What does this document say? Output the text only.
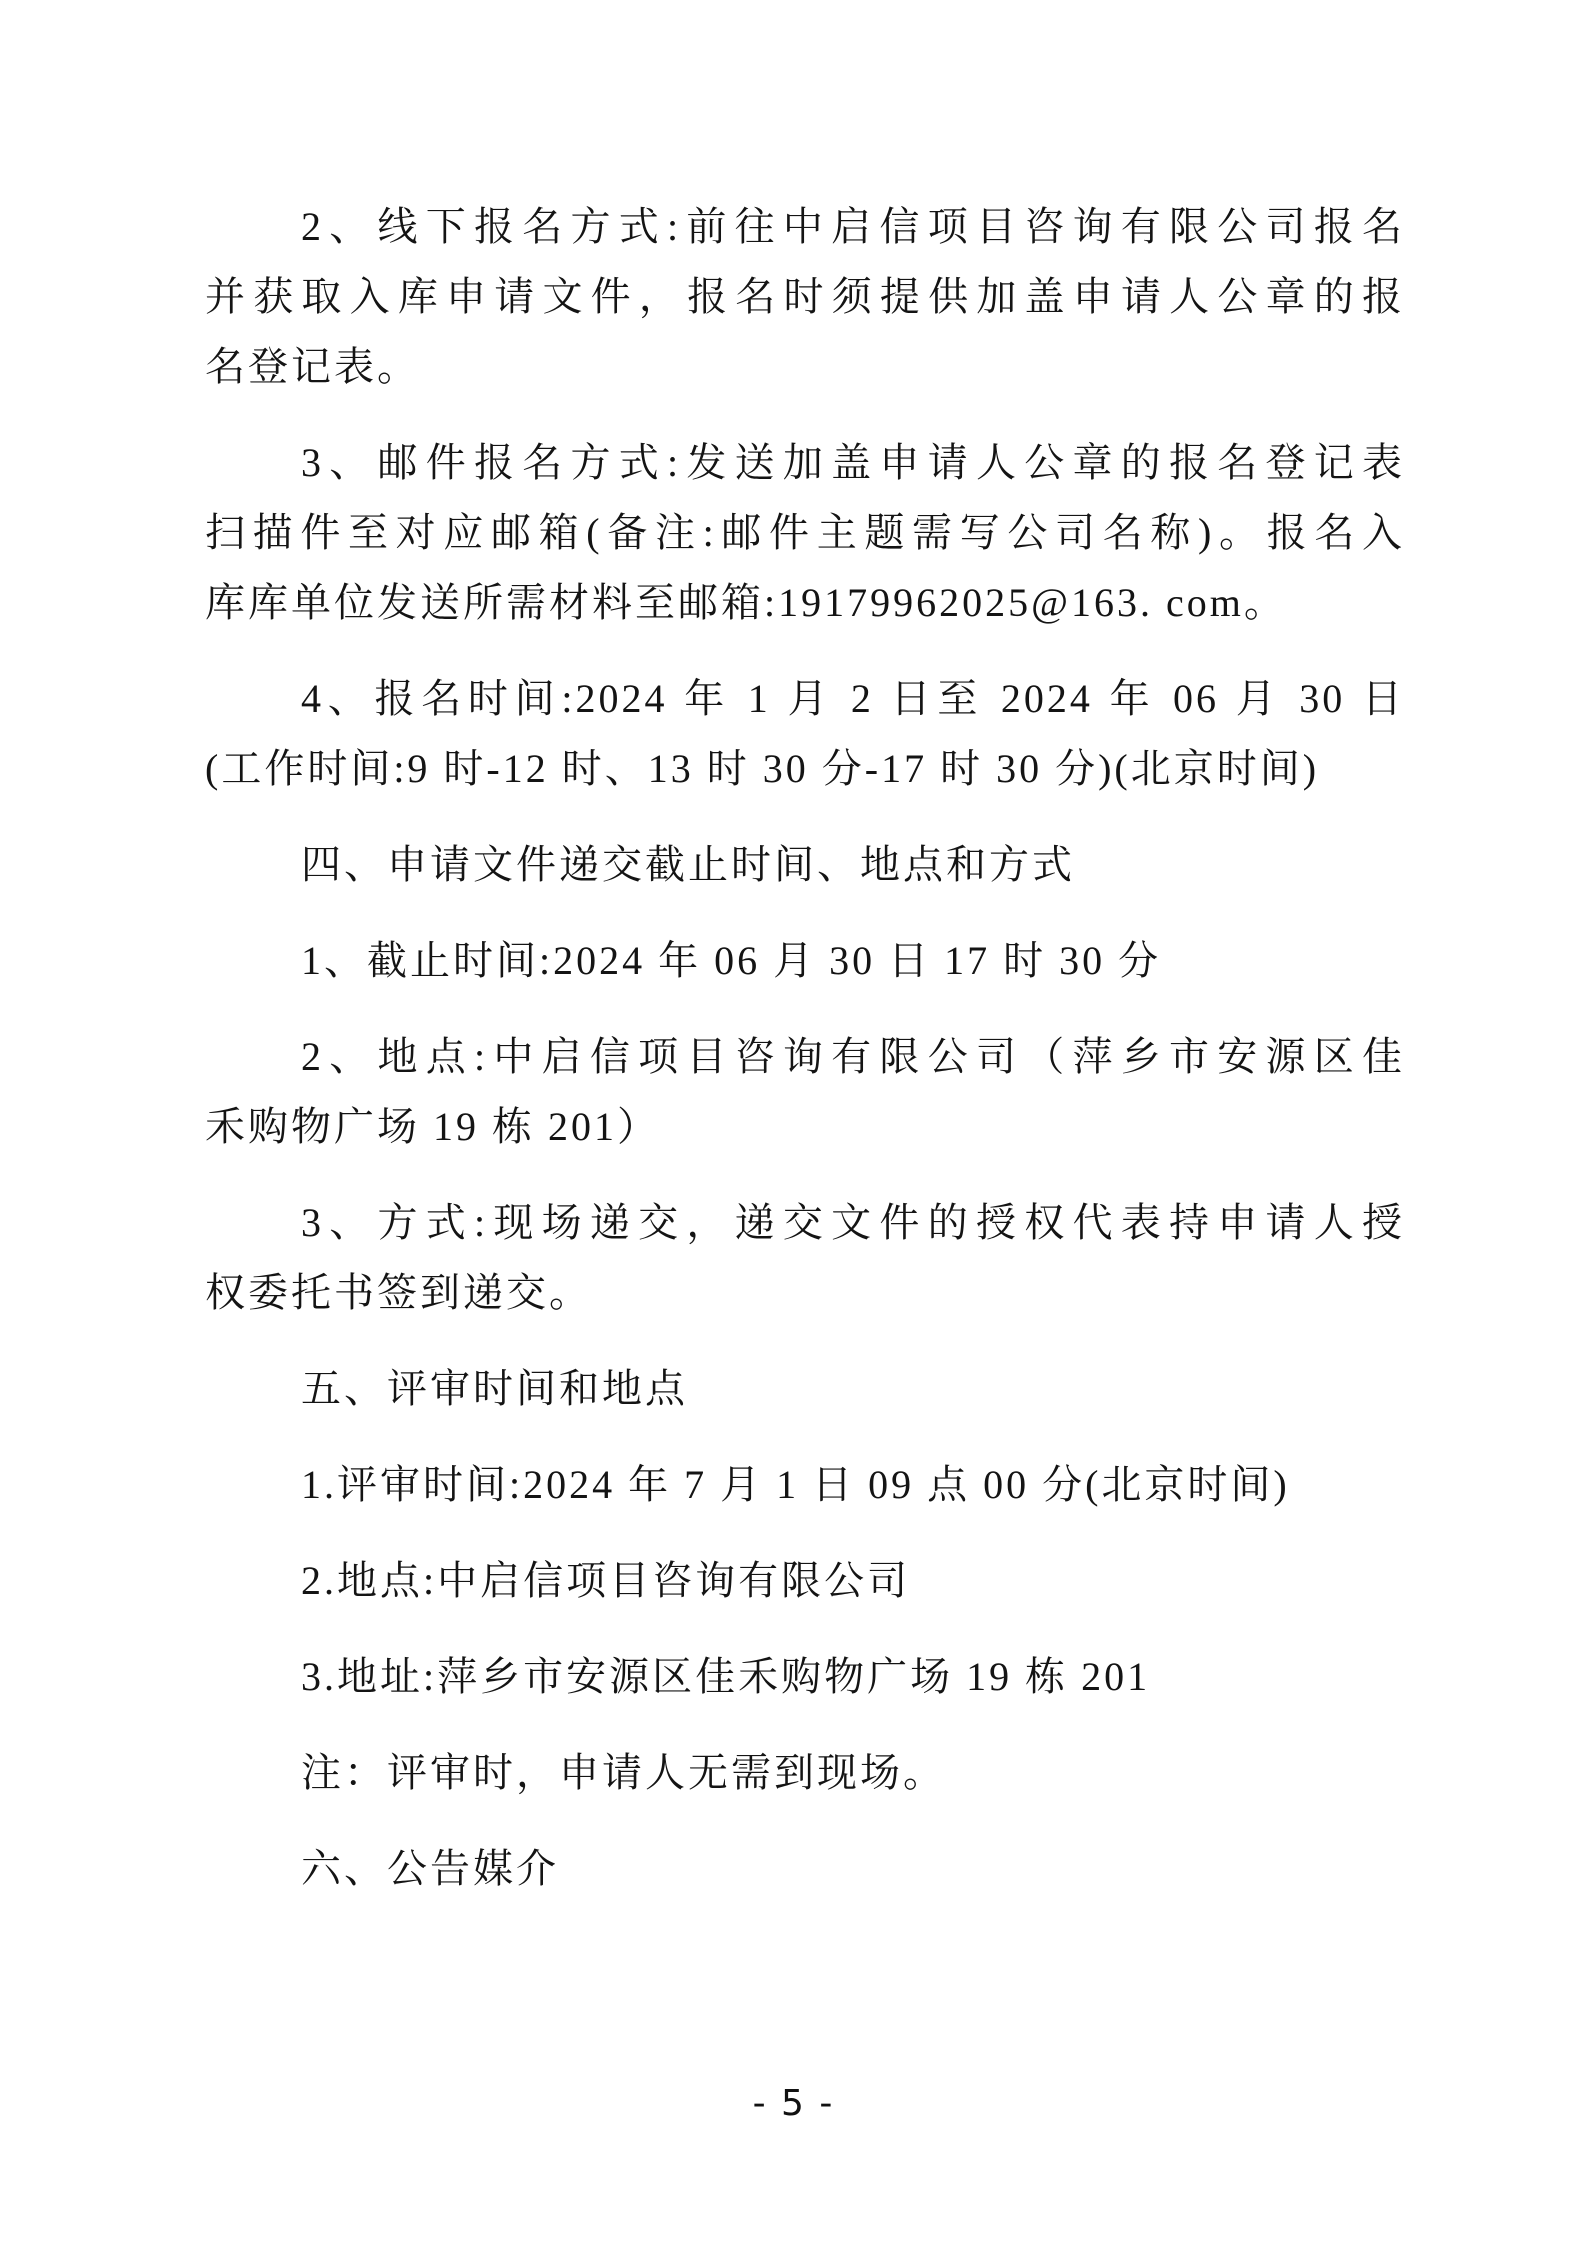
2、线下报名方式:前往中启信项目咨询有限公司报名
并获取入库申请文件，报名时须提供加盖申请人公章的报
名登记表。
3、邮件报名方式:发送加盖申请人公章的报名登记表
扫描件至对应邮箱(备注:邮件主题需写公司名称)。报名入
库库单位发送所需材料至邮箱:19179962025@163. com。
4、报名时间:2024 年 1 月 2 日至 2024 年 06 月 30 日
(工作时间:9 时-12 时、13 时 30 分-17 时 30 分)(北京时间)
四、申请文件递交截止时间、地点和方式
1、截止时间:2024 年 06 月 30 日 17 时 30 分
2、地点:中启信项目咨询有限公司（萍乡市安源区佳
禾购物广场 19 栋 201）
3、方式:现场递交，递交文件的授权代表持申请人授
权委托书签到递交。
五、评审时间和地点
1.评审时间:2024 年 7 月 1 日 09 点 00 分(北京时间)
2.地点:中启信项目咨询有限公司
3.地址:萍乡市安源区佳禾购物广场 19 栋 201
注：评审时，申请人无需到现场。
六、公告媒介
- 5 -
